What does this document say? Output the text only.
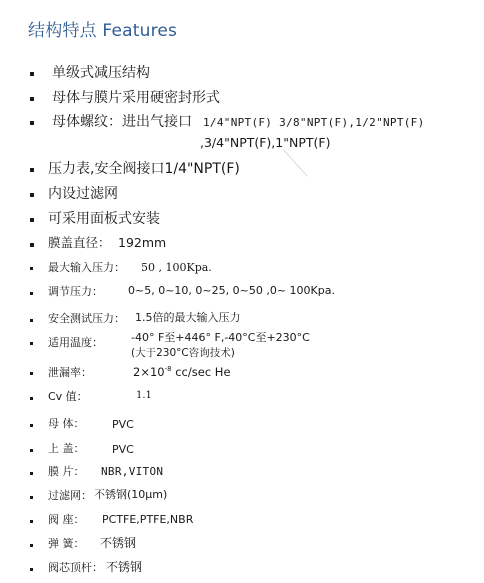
结构特点 Features
单级式减压结构
母体与膜片采用硬密封形式
母体螺纹：进出气接口 1/4"NPT(F) 3/8"NPT(F),1/2"NPT(F)
,3/4"NPT(F),1"NPT(F)
压力表,安全阀接口1/4"NPT(F)
内设过滤网
可采用面板式安装
膜盖直径： 192mm
最大输入压力： 50 , 100Kpa.
调节压力： 0~5, 0~10, 0~25, 0~50 ,0~ 100Kpa.
安全测试压力： 1.5倍的最大输入压力
适用温度：	-40° F至+446° F,-40°C至+230°C
(大于230°C咨询技术)
泄漏率：	$2\times 10^{-8}$ cc/sec He
Cv 值：	1.1
母 体：	PVC
上 盖：	PVC
膜 片： NBR,VITON
过滤网： 不锈钢(10μm)
阀 座： PCTFE,PTFE,NBR
弹 簧： 不锈钢
阀芯顶杆： 不锈钢
